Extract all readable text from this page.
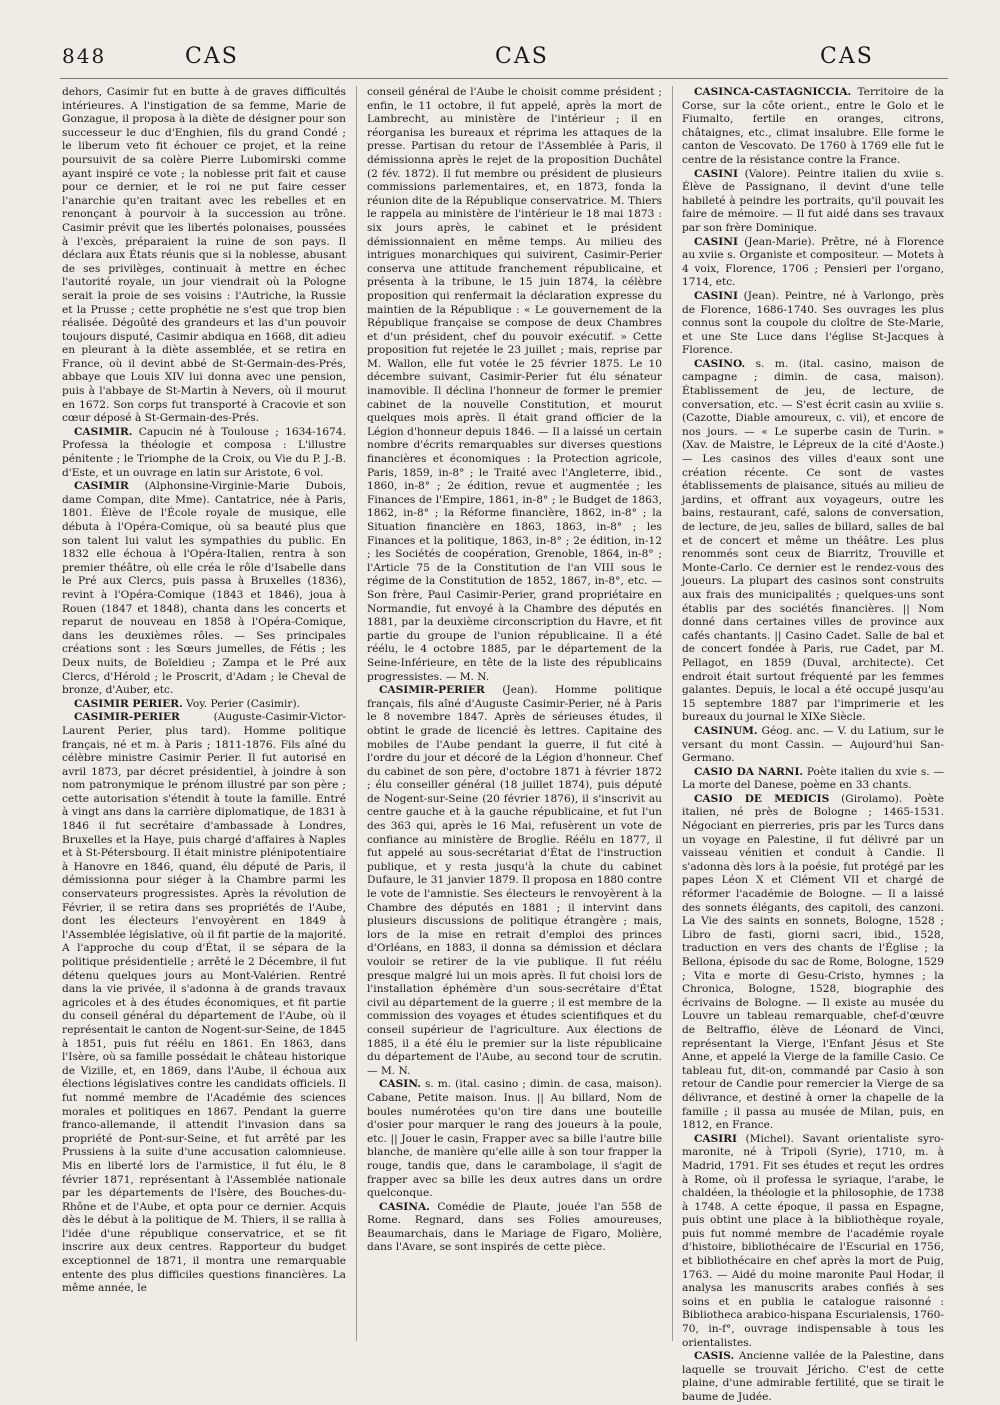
848	CAS	CAS	CAS

dehors, Casimir fut en butte à de graves difficultés intérieures. A l'instigation de sa femme, Marie de Gonzague, il proposa à la diète de désigner pour son successeur le duc d'Enghien, fils du grand Condé ; le liberum veto fit échouer ce projet, et la reine poursuivit de sa colère Pierre Lubomirski comme ayant inspiré ce vote ; la noblesse prit fait et cause pour ce dernier, et le roi ne put faire cesser l'anarchie qu'en traitant avec les rebelles et en renonçant à pourvoir à la succession au trône. Casimir prévit que les libertés polonaises, poussées à l'excès, préparaient la ruine de son pays. Il déclara aux États réunis que si la noblesse, abusant de ses privilèges, continuait à mettre en échec l'autorité royale, un jour viendrait où la Pologne serait la proie de ses voisins : l'Autriche, la Russie et la Prusse ; cette prophétie ne s'est que trop bien réalisée. Dégoûté des grandeurs et las d'un pouvoir toujours disputé, Casimir abdiqua en 1668, dit adieu en pleurant à la diète assemblée, et se retira en France, où il devint abbé de St-Germain-des-Prés, abbaye que Louis XIV lui donna avec une pension, puis à l'abbaye de St-Martin à Nevers, où il mourut en 1672. Son corps fut transporté à Cracovie et son cœur déposé à St-Germain-des-Prés.

CASIMIR. Capucin né à Toulouse ; 1634-1674. Professa la théologie et composa : L'illustre pénitente ; le Triomphe de la Croix, ou Vie du P. J.-B. d'Este, et un ouvrage en latin sur Aristote, 6 vol.

CASIMIR (Alphonsine-Virginie-Marie Dubois, dame Compan, dite Mme). Cantatrice, née à Paris, 1801. Élève de l'École royale de musique, elle débuta à l'Opéra-Comique, où sa beauté plus que son talent lui valut les sympathies du public. En 1832 elle échoua à l'Opéra-Italien, rentra à son premier théâtre, où elle créa le rôle d'Isabelle dans le Pré aux Clercs, puis passa à Bruxelles (1836), revint à l'Opéra-Comique (1843 et 1846), joua à Rouen (1847 et 1848), chanta dans les concerts et reparut de nouveau en 1858 à l'Opéra-Comique, dans les deuxièmes rôles. — Ses principales créations sont : les Sœurs jumelles, de Fétis ; les Deux nuits, de Boïeldieu ; Zampa et le Pré aux Clercs, d'Hérold ; le Proscrit, d'Adam ; le Cheval de bronze, d'Auber, etc.

CASIMIR PERIER. Voy. Perier (Casimir).

CASIMIR-PERIER (Auguste-Casimir-Victor-Laurent Perier, plus tard). Homme politique français, né et m. à Paris ; 1811-1876. Fils aîné du célèbre ministre Casimir Perier. Il fut autorisé en avril 1873, par décret présidentiel, à joindre à son nom patronymique le prénom illustré par son père ; cette autorisation s'étendit à toute la famille. Entré à vingt ans dans la carrière diplomatique, de 1831 à 1846 il fut secrétaire d'ambassade à Londres, Bruxelles et la Haye, puis chargé d'affaires à Naples et à St-Pétersbourg. Il était ministre plénipotentiaire à Hanovre en 1846, quand, élu député de Paris, il démissionna pour siéger à la Chambre parmi les conservateurs progressistes. Après la révolution de Février, il se retira dans ses propriétés de l'Aube, dont les électeurs l'envoyèrent en 1849 à l'Assemblée législative, où il fit partie de la majorité. A l'approche du coup d'État, il se sépara de la politique présidentielle ; arrêté le 2 Décembre, il fut détenu quelques jours au Mont-Valérien. Rentré dans la vie privée, il s'adonna à de grands travaux agricoles et à des études économiques, et fit partie du conseil général du département de l'Aube, où il représentait le canton de Nogent-sur-Seine, de 1845 à 1851, puis fut réélu en 1861. En 1863, dans l'Isère, où sa famille possédait le château historique de Vizille, et, en 1869, dans l'Aube, il échoua aux élections législatives contre les candidats officiels. Il fut nommé membre de l'Académie des sciences morales et politiques en 1867. Pendant la guerre franco-allemande, il attendit l'invasion dans sa propriété de Pont-sur-Seine, et fut arrêté par les Prussiens à la suite d'une accusation calomnieuse. Mis en liberté lors de l'armistice, il fut élu, le 8 février 1871, représentant à l'Assemblée nationale par les départements de l'Isère, des Bouches-du-Rhône et de l'Aube, et opta pour ce dernier. Acquis dès le début à la politique de M. Thiers, il se rallia à l'idée d'une république conservatrice, et se fit inscrire aux deux centres. Rapporteur du budget exceptionnel de 1871, il montra une remarquable entente des plus difficiles questions financières. La même année, le

conseil général de l'Aube le choisit comme président ; enfin, le 11 octobre, il fut appelé, après la mort de Lambrecht, au ministère de l'intérieur ; il en réorganisa les bureaux et réprima les attaques de la presse. Partisan du retour de l'Assemblée à Paris, il démissionna après le rejet de la proposition Duchâtel (2 fév. 1872). Il fut membre ou président de plusieurs commissions parlementaires, et, en 1873, fonda la réunion dite de la République conservatrice. M. Thiers le rappela au ministère de l'intérieur le 18 mai 1873 : six jours après, le cabinet et le président démissionnaient en même temps. Au milieu des intrigues monarchiques qui suivirent, Casimir-Perier conserva une attitude franchement républicaine, et présenta à la tribune, le 15 juin 1874, la célèbre proposition qui renfermait la déclaration expresse du maintien de la République : « Le gouvernement de la République française se compose de deux Chambres et d'un président, chef du pouvoir exécutif. » Cette proposition fut rejetée le 23 juillet ; mais, reprise par M. Wallon, elle fut votée le 25 février 1875. Le 10 décembre suivant, Casimir-Perier fut élu sénateur inamovible. Il déclina l'honneur de former le premier cabinet de la nouvelle Constitution, et mourut quelques mois après. Il était grand officier de la Légion d'honneur depuis 1846. — Il a laissé un certain nombre d'écrits remarquables sur diverses questions financières et économiques : la Protection agricole, Paris, 1859, in-8° ; le Traité avec l'Angleterre, ibid., 1860, in-8° ; 2e édition, revue et augmentée ; les Finances de l'Empire, 1861, in-8° ; le Budget de 1863, 1862, in-8° ; la Réforme financière, 1862, in-8° ; la Situation financière en 1863, 1863, in-8° ; les Finances et la politique, 1863, in-8° ; 2e édition, in-12 ; les Sociétés de coopération, Grenoble, 1864, in-8° ; l'Article 75 de la Constitution de l'an VIII sous le régime de la Constitution de 1852, 1867, in-8°, etc. — Son frère, Paul Casimir-Perier, grand propriétaire en Normandie, fut envoyé à la Chambre des députés en 1881, par la deuxième circonscription du Havre, et fit partie du groupe de l'union républicaine. Il a été réélu, le 4 octobre 1885, par le département de la Seine-Inférieure, en tête de la liste des républicains progressistes. — M. N.

CASIMIR-PERIER (Jean). Homme politique français, fils aîné d'Auguste Casimir-Perier, né à Paris le 8 novembre 1847. Après de sérieuses études, il obtint le grade de licencié ès lettres. Capitaine des mobiles de l'Aube pendant la guerre, il fut cité à l'ordre du jour et décoré de la Légion d'honneur. Chef du cabinet de son père, d'octobre 1871 à février 1872 ; élu conseiller général (18 juillet 1874), puis député de Nogent-sur-Seine (20 février 1876), il s'inscrivit au centre gauche et à la gauche républicaine, et fut l'un des 363 qui, après le 16 Mai, refusèrent un vote de confiance au ministère de Broglie. Réélu en 1877, il fut appelé au sous-secrétariat d'État de l'instruction publique, et y resta jusqu'à la chute du cabinet Dufaure, le 31 janvier 1879. Il proposa en 1880 contre le vote de l'amnistie. Ses électeurs le renvoyèrent à la Chambre des députés en 1881 ; il intervint dans plusieurs discussions de politique étrangère ; mais, lors de la mise en retrait d'emploi des princes d'Orléans, en 1883, il donna sa démission et déclara vouloir se retirer de la vie publique. Il fut réélu presque malgré lui un mois après. Il fut choisi lors de l'installation éphémère d'un sous-secrétaire d'État civil au département de la guerre ; il est membre de la commission des voyages et études scientifiques et du conseil supérieur de l'agriculture. Aux élections de 1885, il a été élu le premier sur la liste républicaine du département de l'Aube, au second tour de scrutin. — M. N.

CASIN. s. m. (ital. casino ; dimin. de casa, maison). Cabane, Petite maison. Inus. || Au billard, Nom de boules numérotées qu'on tire dans une bouteille d'osier pour marquer le rang des joueurs à la poule, etc. || Jouer le casin, Frapper avec sa bille l'autre bille blanche, de manière qu'elle aille à son tour frapper la rouge, tandis que, dans le carambolage, il s'agit de frapper avec sa bille les deux autres dans un ordre quelconque.

CASINA. Comédie de Plaute, jouée l'an 558 de Rome. Regnard, dans ses Folies amoureuses, Beaumarchais, dans le Mariage de Figaro, Molière, dans l'Avare, se sont inspirés de cette pièce.

CASINCA-CASTAGNICCIA. Territoire de la Corse, sur la côte orient., entre le Golo et le Fiumalto, fertile en oranges, citrons, châtaignes, etc., climat insalubre. Elle forme le canton de Vescovato. De 1760 à 1769 elle fut le centre de la résistance contre la France.

CASINI (Valore). Peintre italien du xviie s. Élève de Passignano, il devint d'une telle habileté à peindre les portraits, qu'il pouvait les faire de mémoire. — Il fut aidé dans ses travaux par son frère Dominique.

CASINI (Jean-Marie). Prêtre, né à Florence au xviie s. Organiste et compositeur. — Motets à 4 voix, Florence, 1706 ; Pensieri per l'organo, 1714, etc.

CASINI (Jean). Peintre, né à Varlongo, près de Florence, 1686-1740. Ses ouvrages les plus connus sont la coupole du cloître de Ste-Marie, et une Ste Luce dans l'église St-Jacques à Florence.

CASINO. s. m. (ital. casino, maison de campagne ; dimin. de casa, maison). Établissement de jeu, de lecture, de conversation, etc. — S'est écrit casin au xviiie s. (Cazotte, Diable amoureux, c. vii), et encore de nos jours. — « Le superbe casin de Turin. » (Xav. de Maistre, le Lépreux de la cité d'Aoste.) — Les casinos des villes d'eaux sont une création récente. Ce sont de vastes établissements de plaisance, situés au milieu de jardins, et offrant aux voyageurs, outre les bains, restaurant, café, salons de conversation, de lecture, de jeu, salles de billard, salles de bal et de concert et même un théâtre. Les plus renommés sont ceux de Biarritz, Trouville et Monte-Carlo. Ce dernier est le rendez-vous des joueurs. La plupart des casinos sont construits aux frais des municipalités ; quelques-uns sont établis par des sociétés financières. || Nom donné dans certaines villes de province aux cafés chantants. || Casino Cadet. Salle de bal et de concert fondée à Paris, rue Cadet, par M. Pellagot, en 1859 (Duval, architecte). Cet endroit était surtout fréquenté par les femmes galantes. Depuis, le local a été occupé jusqu'au 15 septembre 1887 par l'imprimerie et les bureaux du journal le XIXe Siècle.

CASINUM. Géog. anc. — V. du Latium, sur le versant du mont Cassin. — Aujourd'hui San-Germano.

CASIO DA NARNI. Poète italien du xvie s. — La morte del Danese, poème en 33 chants.

CASIO DE MEDICIS (Girolamo). Poète italien, né près de Bologne ; 1465-1531. Négociant en pierreries, pris par les Turcs dans un voyage en Palestine, il fut délivré par un vaisseau vénitien et conduit à Candie. Il s'adonna dès lors à la poésie, fut protégé par les papes Léon X et Clément VII et chargé de réformer l'académie de Bologne. — Il a laissé des sonnets élégants, des capitoli, des canzoni. La Vie des saints en sonnets, Bologne, 1528 ; Libro de fasti, giorni sacri, ibid., 1528, traduction en vers des chants de l'Église ; la Bellona, épisode du sac de Rome, Bologne, 1529 ; Vita e morte di Gesu-Cristo, hymnes ; la Chronica, Bologne, 1528, biographie des écrivains de Bologne. — Il existe au musée du Louvre un tableau remarquable, chef-d'œuvre de Beltraffio, élève de Léonard de Vinci, représentant la Vierge, l'Enfant Jésus et Ste Anne, et appelé la Vierge de la famille Casio. Ce tableau fut, dit-on, commandé par Casio à son retour de Candie pour remercier la Vierge de sa délivrance, et destiné à orner la chapelle de la famille ; il passa au musée de Milan, puis, en 1812, en France.

CASIRI (Michel). Savant orientaliste syro-maronite, né à Tripoli (Syrie), 1710, m. à Madrid, 1791. Fit ses études et reçut les ordres à Rome, où il professa le syriaque, l'arabe, le chaldéen, la théologie et la philosophie, de 1738 à 1748. A cette époque, il passa en Espagne, puis obtint une place à la bibliothèque royale, puis fut nommé membre de l'académie royale d'histoire, bibliothécaire de l'Escurial en 1756, et bibliothécaire en chef après la mort de Puig, 1763. — Aidé du moine maronite Paul Hodar, il analysa les manuscrits arabes confiés à ses soins et en publia le catalogue raisonné : Bibliotheca arabico-hispana Escurialensis, 1760-70, in-f°, ouvrage indispensable à tous les orientalistes.

CASIS. Ancienne vallée de la Palestine, dans laquelle se trouvait Jéricho. C'est de cette plaine, d'une admirable fertilité, que se tirait le baume de Judée.
